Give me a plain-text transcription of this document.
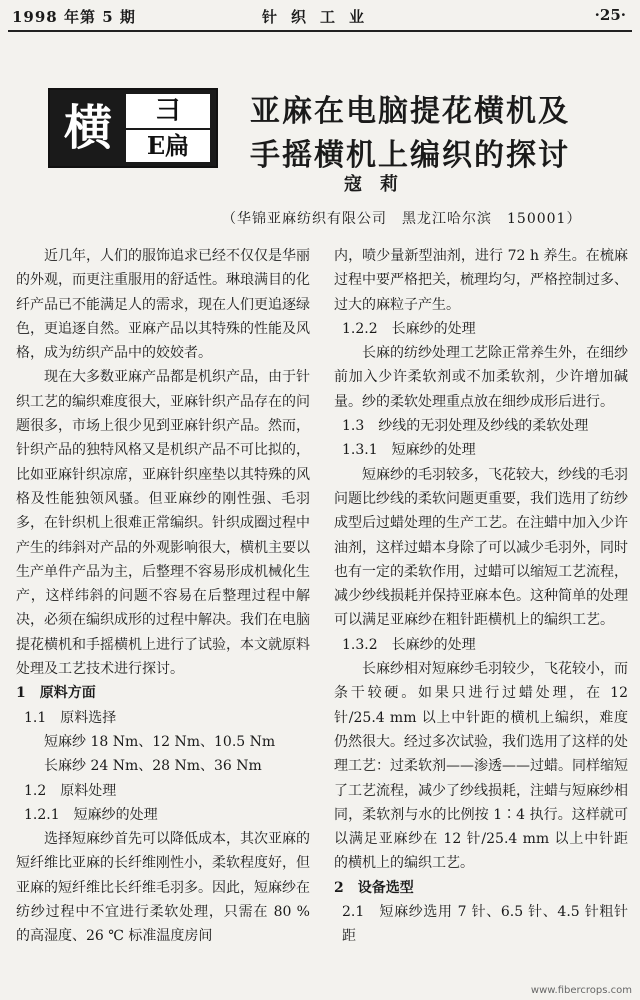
1998 年第 5 期	针织工业	·25·
横	彐
E扁
亚麻在电脑提花横机及
手摇横机上编织的探讨
寇莉
（华锦亚麻纺织有限公司　黑龙江哈尔滨　150001）

近几年，人们的服饰追求已经不仅仅是华丽的外观，而更注重服用的舒适性。琳琅满目的化纤产品已不能满足人的需求，现在人们更追逐绿色，更追逐自然。亚麻产品以其特殊的性能及风格，成为纺织产品中的姣姣者。

现在大多数亚麻产品都是机织产品，由于针织工艺的编织难度很大，亚麻针织产品存在的问题很多，市场上很少见到亚麻针织产品。然而，针织产品的独特风格又是机织产品不可比拟的，比如亚麻针织凉席，亚麻针织座垫以其特殊的风格及性能独领风骚。但亚麻纱的刚性强、毛羽多，在针织机上很难正常编织。针织成圈过程中产生的纬斜对产品的外观影响很大，横机主要以生产单件产品为主，后整理不容易形成机械化生产，这样纬斜的问题不容易在后整理过程中解决，必须在编织成形的过程中解决。我们在电脑提花横机和手摇横机上进行了试验，本文就原料处理及工艺技术进行探讨。

1　原料方面

1.1　原料选择

短麻纱 18 Nm、12 Nm、10.5 Nm

长麻纱 24 Nm、28 Nm、36 Nm

1.2　原料处理

1.2.1　短麻纱的处理

选择短麻纱首先可以降低成本，其次亚麻的短纤维比亚麻的长纤维刚性小，柔软程度好，但亚麻的短纤维比长纤维毛羽多。因此，短麻纱在纺纱过程中不宜进行柔软处理，只需在 80 % 的高湿度、26 ℃ 标准温度房间

内，喷少量新型油剂，进行 72 h 养生。在梳麻过程中要严格把关，梳理均匀，严格控制过多、过大的麻粒子产生。

1.2.2　长麻纱的处理

长麻的纺纱处理工艺除正常养生外，在细纱前加入少许柔软剂或不加柔软剂，少许增加碱量。纱的柔软处理重点放在细纱成形后进行。

1.3　纱线的无羽处理及纱线的柔软处理

1.3.1　短麻纱的处理

短麻纱的毛羽较多，飞花较大，纱线的毛羽问题比纱线的柔软问题更重要，我们选用了纺纱成型后过蜡处理的生产工艺。在注蜡中加入少许油剂，这样过蜡本身除了可以减少毛羽外，同时也有一定的柔软作用，过蜡可以缩短工艺流程，减少纱线损耗并保持亚麻本色。这种简单的处理可以满足亚麻纱在粗针距横机上的编织工艺。

1.3.2　长麻纱的处理

长麻纱相对短麻纱毛羽较少，飞花较小，而条干较硬。如果只进行过蜡处理，在 12 针/25.4 mm 以上中针距的横机上编织，难度仍然很大。经过多次试验，我们选用了这样的处理工艺：过柔软剂——渗透——过蜡。同样缩短了工艺流程，减少了纱线损耗，注蜡与短麻纱相同，柔软剂与水的比例按 1∶4 执行。这样就可以满足亚麻纱在 12 针/25.4 mm 以上中针距的横机上的编织工艺。

2　设备选型

2.1　短麻纱选用 7 针、6.5 针、4.5 针粗针距

www.fibercrops.com
